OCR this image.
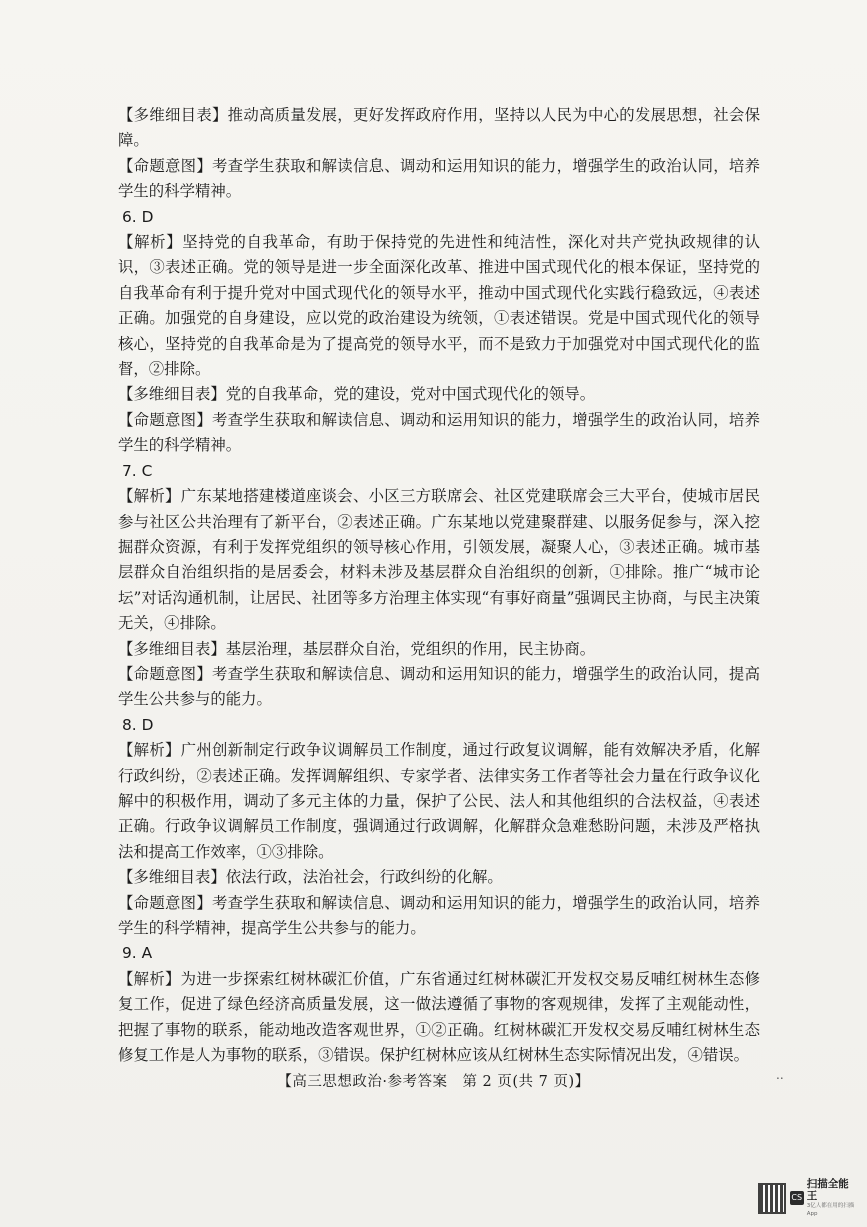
【多维细目表】推动高质量发展，更好发挥政府作用，坚持以人民为中心的发展思想，社会保障。

【命题意图】考查学生获取和解读信息、调动和运用知识的能力，增强学生的政治认同，培养学生的科学精神。

6. D

【解析】坚持党的自我革命，有助于保持党的先进性和纯洁性，深化对共产党执政规律的认识，③表述正确。党的领导是进一步全面深化改革、推进中国式现代化的根本保证，坚持党的自我革命有利于提升党对中国式现代化的领导水平，推动中国式现代化实践行稳致远，④表述正确。加强党的自身建设，应以党的政治建设为统领，①表述错误。党是中国式现代化的领导核心，坚持党的自我革命是为了提高党的领导水平，而不是致力于加强党对中国式现代化的监督，②排除。

【多维细目表】党的自我革命，党的建设，党对中国式现代化的领导。

【命题意图】考查学生获取和解读信息、调动和运用知识的能力，增强学生的政治认同，培养学生的科学精神。

7. C

【解析】广东某地搭建楼道座谈会、小区三方联席会、社区党建联席会三大平台，使城市居民参与社区公共治理有了新平台，②表述正确。广东某地以党建聚群建、以服务促参与，深入挖掘群众资源，有利于发挥党组织的领导核心作用，引领发展，凝聚人心，③表述正确。城市基层群众自治组织指的是居委会，材料未涉及基层群众自治组织的创新，①排除。推广“城市论坛”对话沟通机制，让居民、社团等多方治理主体实现“有事好商量”强调民主协商，与民主决策无关，④排除。

【多维细目表】基层治理，基层群众自治，党组织的作用，民主协商。

【命题意图】考查学生获取和解读信息、调动和运用知识的能力，增强学生的政治认同，提高学生公共参与的能力。

8. D

【解析】广州创新制定行政争议调解员工作制度，通过行政复议调解，能有效解决矛盾，化解行政纠纷，②表述正确。发挥调解组织、专家学者、法律实务工作者等社会力量在行政争议化解中的积极作用，调动了多元主体的力量，保护了公民、法人和其他组织的合法权益，④表述正确。行政争议调解员工作制度，强调通过行政调解，化解群众急难愁盼问题，未涉及严格执法和提高工作效率，①③排除。

【多维细目表】依法行政，法治社会，行政纠纷的化解。

【命题意图】考查学生获取和解读信息、调动和运用知识的能力，增强学生的政治认同，培养学生的科学精神，提高学生公共参与的能力。

9. A

【解析】为进一步探索红树林碳汇价值，广东省通过红树林碳汇开发权交易反哺红树林生态修复工作，促进了绿色经济高质量发展，这一做法遵循了事物的客观规律，发挥了主观能动性，把握了事物的联系，能动地改造客观世界，①②正确。红树林碳汇开发权交易反哺红树林生态修复工作是人为事物的联系，③错误。保护红树林应该从红树林生态实际情况出发，④错误。

【高三思想政治·参考答案　第 2 页(共 7 页)】	..
CS
扫描全能王
3亿人都在用的扫描App
